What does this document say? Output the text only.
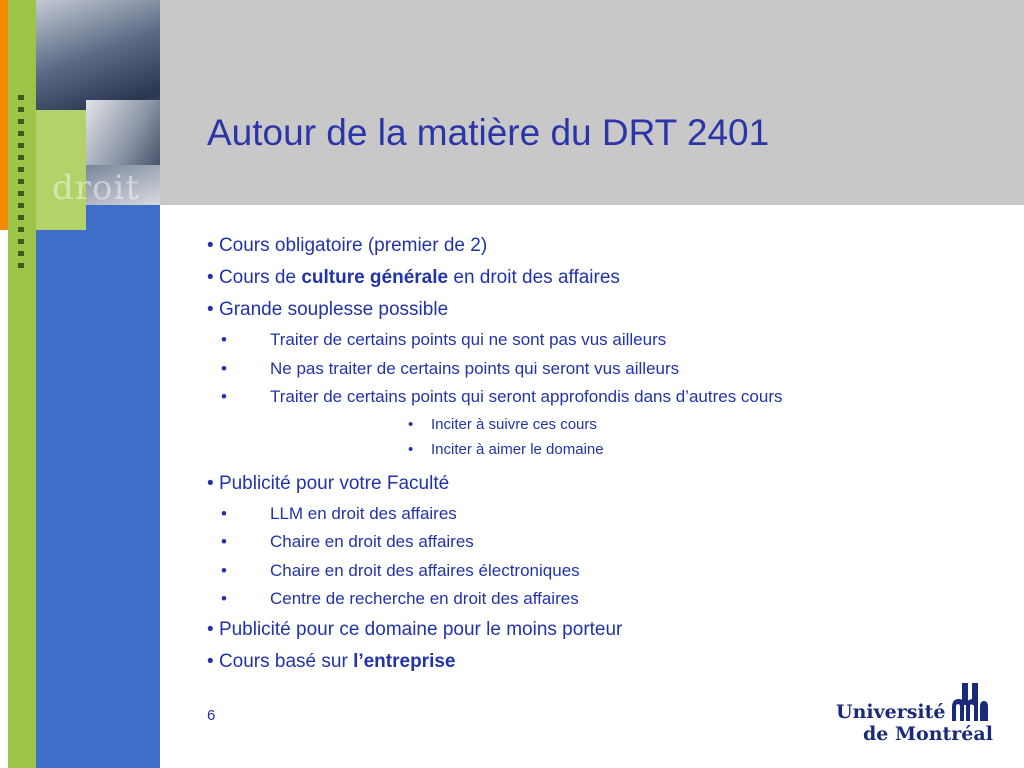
droit
Autour de la matière du DRT 2401
• Cours obligatoire (premier de 2)
• Cours de culture générale en droit des affaires
• Grande souplesse possible
•	Traiter de certains points qui ne sont pas vus ailleurs
•	Ne pas traiter de certains points qui seront vus ailleurs
•	Traiter de certains points qui seront approfondis dans d’autres cours
• Inciter à suivre ces cours
• Inciter à aimer le domaine
• Publicité pour votre Faculté
•	LLM en droit des affaires
•	Chaire en droit des affaires
•	Chaire en droit des affaires électroniques
•	Centre de recherche en droit des affaires
• Publicité pour ce domaine pour le moins porteur
• Cours basé sur l’entreprise
6	Université
de Montréal
